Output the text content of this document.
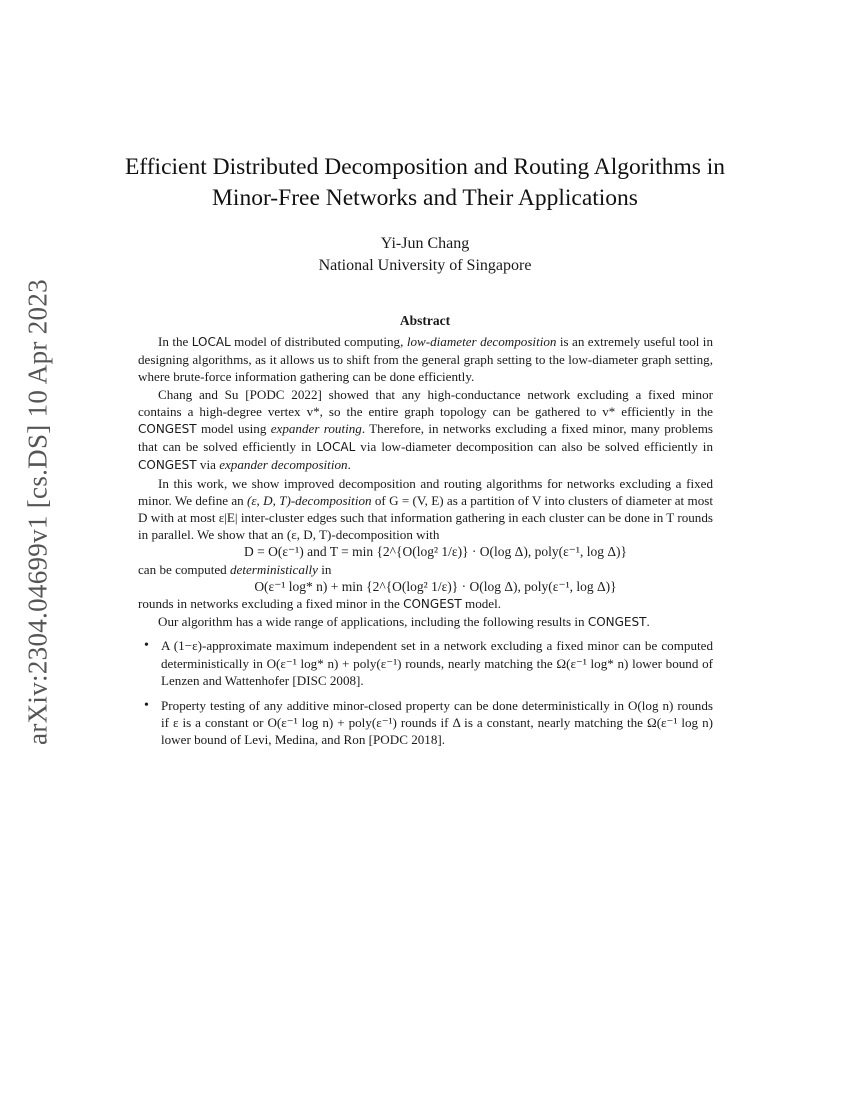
arXiv:2304.04699v1 [cs.DS] 10 Apr 2023
Efficient Distributed Decomposition and Routing Algorithms in
Minor-Free Networks and Their Applications
Yi-Jun Chang
National University of Singapore
Abstract

In the LOCAL model of distributed computing, low-diameter decomposition is an extremely useful tool in designing algorithms, as it allows us to shift from the general graph setting to the low-diameter graph setting, where brute-force information gathering can be done efficiently.

Chang and Su [PODC 2022] showed that any high-conductance network excluding a fixed minor contains a high-degree vertex v*, so the entire graph topology can be gathered to v* efficiently in the CONGEST model using expander routing. Therefore, in networks excluding a fixed minor, many problems that can be solved efficiently in LOCAL via low-diameter decomposition can also be solved efficiently in CONGEST via expander decomposition.

In this work, we show improved decomposition and routing algorithms for networks excluding a fixed minor. We define an (ε, D, T)-decomposition of G = (V, E) as a partition of V into clusters of diameter at most D with at most ε|E| inter-cluster edges such that information gathering in each cluster can be done in T rounds in parallel. We show that an (ε, D, T)-decomposition with

D = O(ε⁻¹) and T = min {2^{O(log² 1/ε)} · O(log Δ), poly(ε⁻¹, log Δ)}

can be computed deterministically in

O(ε⁻¹ log* n) + min {2^{O(log² 1/ε)} · O(log Δ), poly(ε⁻¹, log Δ)}

rounds in networks excluding a fixed minor in the CONGEST model.

Our algorithm has a wide range of applications, including the following results in CONGEST.

• A (1−ε)-approximate maximum independent set in a network excluding a fixed minor can be computed deterministically in O(ε⁻¹ log* n) + poly(ε⁻¹) rounds, nearly matching the Ω(ε⁻¹ log* n) lower bound of Lenzen and Wattenhofer [DISC 2008].
• Property testing of any additive minor-closed property can be done deterministically in O(log n) rounds if ε is a constant or O(ε⁻¹ log n) + poly(ε⁻¹) rounds if Δ is a constant, nearly matching the Ω(ε⁻¹ log n) lower bound of Levi, Medina, and Ron [PODC 2018].
